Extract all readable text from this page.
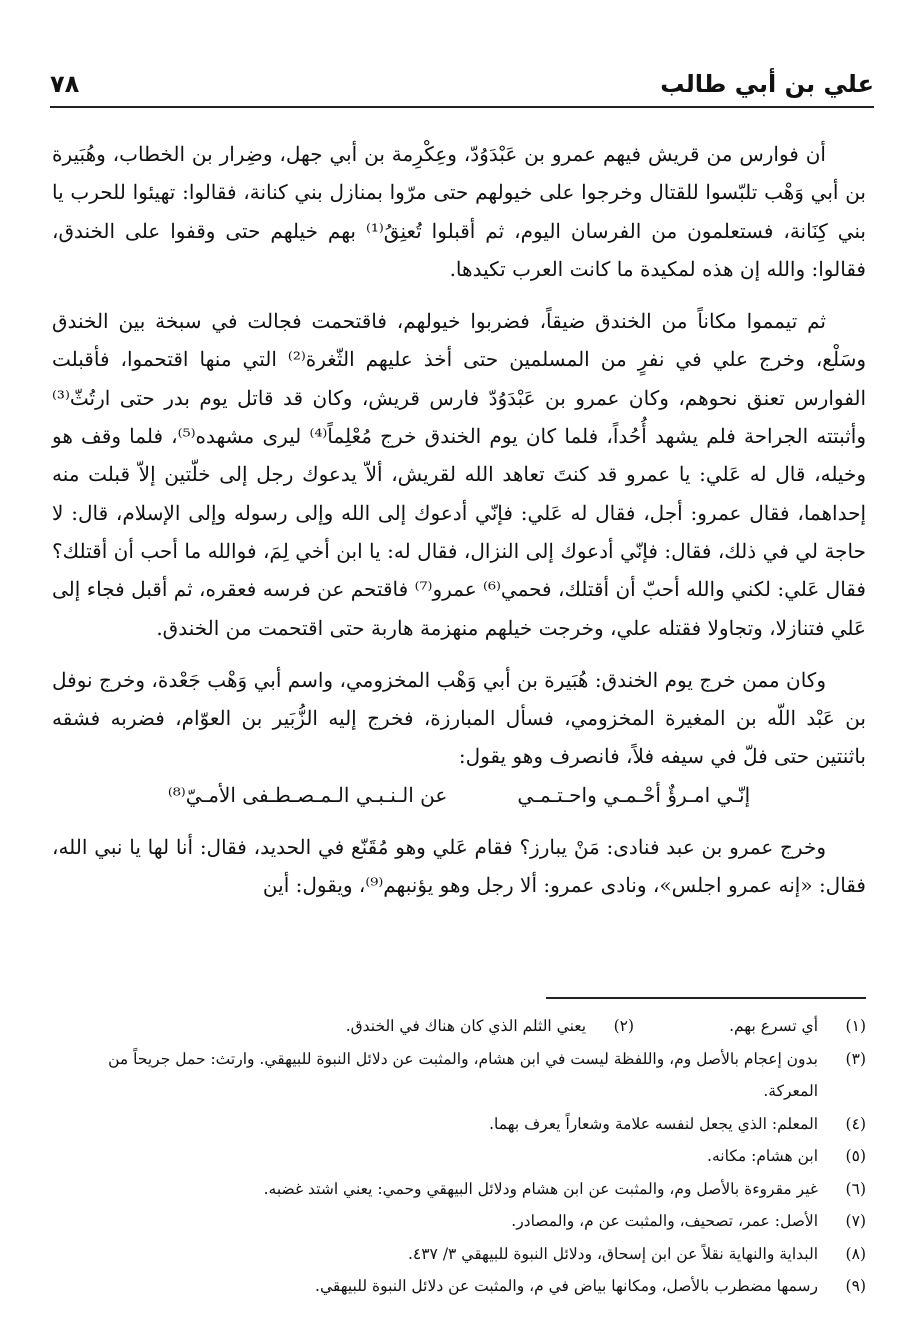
علي بن أبي طالب
٧٨

أن فوارس من قريش فيهم عمرو بن عَبْدَوُدّ، وعِكْرِمة بن أبي جهل، وضِرار بن الخطاب، وهُبَيرة بن أبي وَهْب تلبّسوا للقتال وخرجوا على خيولهم حتى مرّوا بمنازل بني كنانة، فقالوا: تهيئوا للحرب يا بني كِنَانة، فستعلمون من الفرسان اليوم، ثم أقبلوا تُعنِقُ⁽¹⁾ بهم خيلهم حتى وقفوا على الخندق، فقالوا: والله إن هذه لمكيدة ما كانت العرب تكيدها.

ثم تيمموا مكاناً من الخندق ضيقاً، فضربوا خيولهم، فاقتحمت فجالت في سبخة بين الخندق وسَلْع، وخرج علي في نفرٍ من المسلمين حتى أخذ عليهم الثّغرة⁽²⁾ التي منها اقتحموا، فأقبلت الفوارس تعنق نحوهم، وكان عمرو بن عَبْدَوُدّ فارس قريش، وكان قد قاتل يوم بدر حتى ارتُثّ⁽³⁾ وأثبتته الجراحة فلم يشهد أُحُداً، فلما كان يوم الخندق خرج مُعْلِماً⁽⁴⁾ ليرى مشهده⁽⁵⁾، فلما وقف هو وخيله، قال له عَلي: يا عمرو قد كنتَ تعاهد الله لقريش، ألاّ يدعوك رجل إلى خلّتين إلاّ قبلت منه إحداهما، فقال عمرو: أجل، فقال له عَلي: فإنّي أدعوك إلى الله وإلى رسوله وإلى الإسلام، قال: لا حاجة لي في ذلك، فقال: فإنّي أدعوك إلى النزال، فقال له: يا ابن أخي لِمَ، فوالله ما أحب أن أقتلك؟ فقال عَلي: لكني والله أحبّ أن أقتلك، فحمي⁽⁶⁾ عمرو⁽⁷⁾ فاقتحم عن فرسه فعقره، ثم أقبل فجاء إلى عَلي فتنازلا، وتجاولا فقتله علي، وخرجت خيلهم منهزمة هاربة حتى اقتحمت من الخندق.

وكان ممن خرج يوم الخندق: هُبَيرة بن أبي وَهْب المخزومي، واسم أبي وَهْب جَعْدة، وخرج نوفل بن عَبْد اللّه بن المغيرة المخزومي، فسأل المبارزة، فخرج إليه الزُّبَير بن العوّام، فضربه فشقه باثنتين حتى فلّ في سيفه فلاً، فانصرف وهو يقول:

إنّـي امـرؤٌ أحْـمـي واحـتـمـي
عن الـنـبـي الـمـصـطـفى الأمـيّ⁽⁸⁾

وخرج عمرو بن عبد فنادى: مَنْ يبارز؟ فقام عَلي وهو مُقَنّع في الحديد، فقال: أنا لها يا نبي الله، فقال: «إنه عمرو اجلس»، ونادى عمرو: ألا رجل وهو يؤنبهم⁽⁹⁾، ويقول: أين

(١)
أي تسرع بهم.
(٢)
يعني الثلم الذي كان هناك في الخندق.
(٣)
بدون إعجام بالأصل وم، واللفظة ليست في ابن هشام، والمثبت عن دلائل النبوة للبيهقي. وارتث: حمل جريحاً من المعركة.
(٤)
المعلم: الذي يجعل لنفسه علامة وشعاراً يعرف بهما.
(٥)
ابن هشام: مكانه.
(٦)
غير مقروءة بالأصل وم، والمثبت عن ابن هشام ودلائل البيهقي وحمي: يعني اشتد غضبه.
(٧)
الأصل: عمر، تصحيف، والمثبت عن م، والمصادر.
(٨)
البداية والنهاية نقلاً عن ابن إسحاق، ودلائل النبوة للبيهقي ٣/ ٤٣٧.
(٩)
رسمها مضطرب بالأصل، ومكانها بياض في م، والمثبت عن دلائل النبوة للبيهقي.
